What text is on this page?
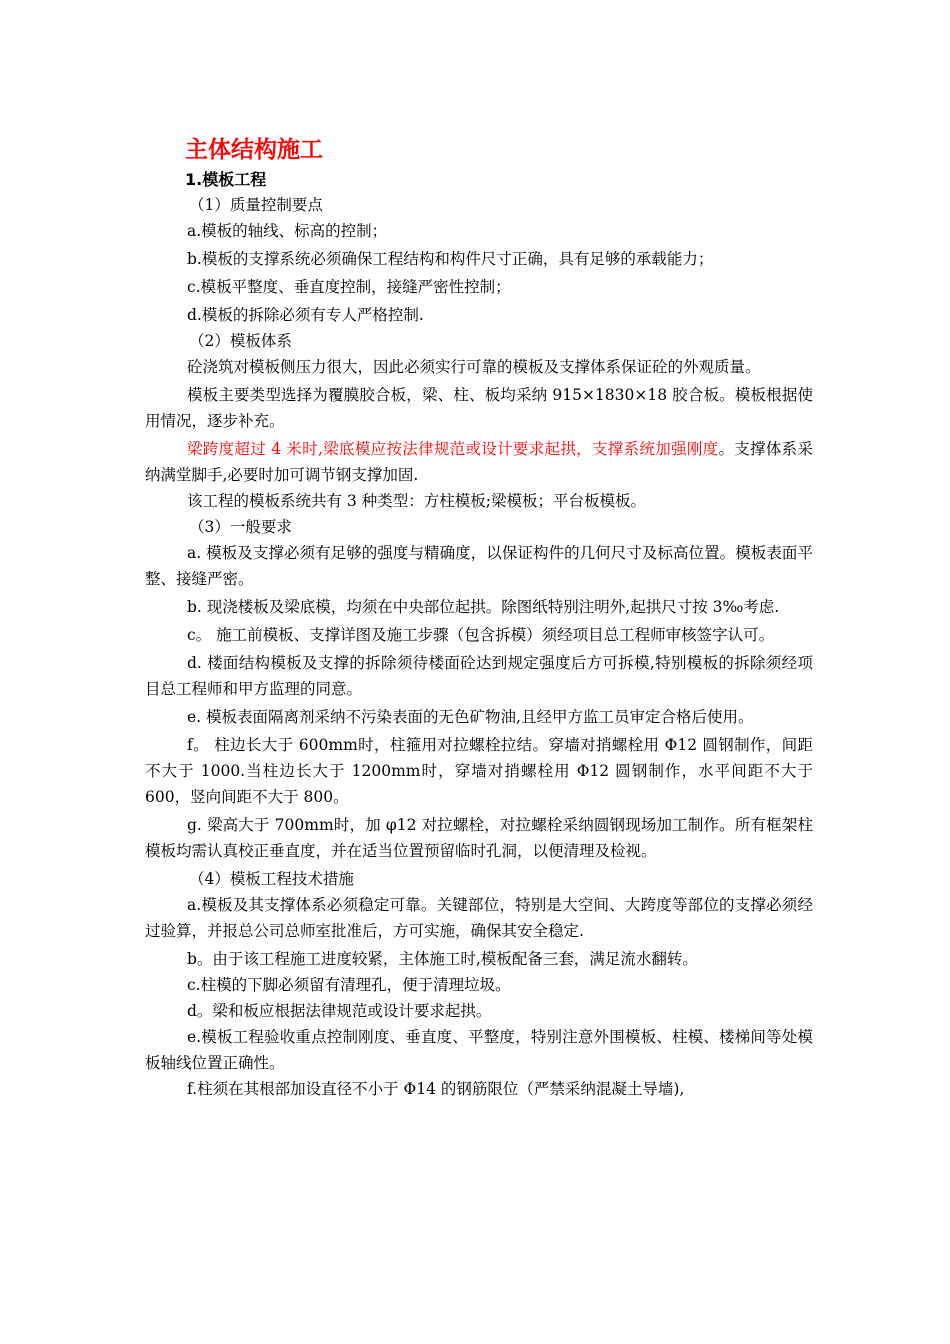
主体结构施工
1.模板工程

（1）质量控制要点

a.模板的轴线、标高的控制；

b.模板的支撑系统必须确保工程结构和构件尺寸正确，具有足够的承载能力；

c.模板平整度、垂直度控制，接缝严密性控制；

d.模板的拆除必须有专人严格控制.

（2）模板体系

砼浇筑对模板侧压力很大，因此必须实行可靠的模板及支撑体系保证砼的外观质量。

模板主要类型选择为覆膜胶合板，梁、柱、板均采纳 915×1830×18 胶合板。模板根据使用情况，逐步补充。

梁跨度超过 4 米时,梁底模应按法律规范或设计要求起拱，支撑系统加强刚度。支撑体系采纳满堂脚手,必要时加可调节钢支撑加固.

该工程的模板系统共有 3 种类型：方柱模板;梁模板；平台板模板。

（3）一般要求

a. 模板及支撑必须有足够的强度与精确度，以保证构件的几何尺寸及标高位置。模板表面平整、接缝严密。

b. 现浇楼板及梁底模，均须在中央部位起拱。除图纸特别注明外,起拱尺寸按 3‰考虑.

c。 施工前模板、支撑详图及施工步骤（包含拆模）须经项目总工程师审核签字认可。

d. 楼面结构模板及支撑的拆除须待楼面砼达到规定强度后方可拆模,特别模板的拆除须经项目总工程师和甲方监理的同意。

e. 模板表面隔离剂采纳不污染表面的无色矿物油,且经甲方监工员审定合格后使用。

f。 柱边长大于 600mm时，柱箍用对拉螺栓拉结。穿墙对捎螺栓用 Φ12 圆钢制作，间距不大于 1000.当柱边长大于 1200mm时，穿墙对捎螺栓用 Φ12 圆钢制作，水平间距不大于 600，竖向间距不大于 800。

g. 梁高大于 700mm时，加 φ12 对拉螺栓，对拉螺栓采纳圆钢现场加工制作。所有框架柱模板均需认真校正垂直度，并在适当位置预留临时孔洞，以便清理及检视。

（4）模板工程技术措施

a.模板及其支撑体系必须稳定可靠。关键部位，特别是大空间、大跨度等部位的支撑必须经过验算，并报总公司总师室批准后，方可实施，确保其安全稳定.

b。由于该工程施工进度较紧，主体施工时,模板配备三套，满足流水翻转。

c.柱模的下脚必须留有清理孔，便于清理垃圾。

d。梁和板应根据法律规范或设计要求起拱。

e.模板工程验收重点控制刚度、垂直度、平整度，特别注意外围模板、柱模、楼梯间等处模板轴线位置正确性。

f.柱须在其根部加设直径不小于 Φ14 的钢筋限位（严禁采纳混凝土导墙),
